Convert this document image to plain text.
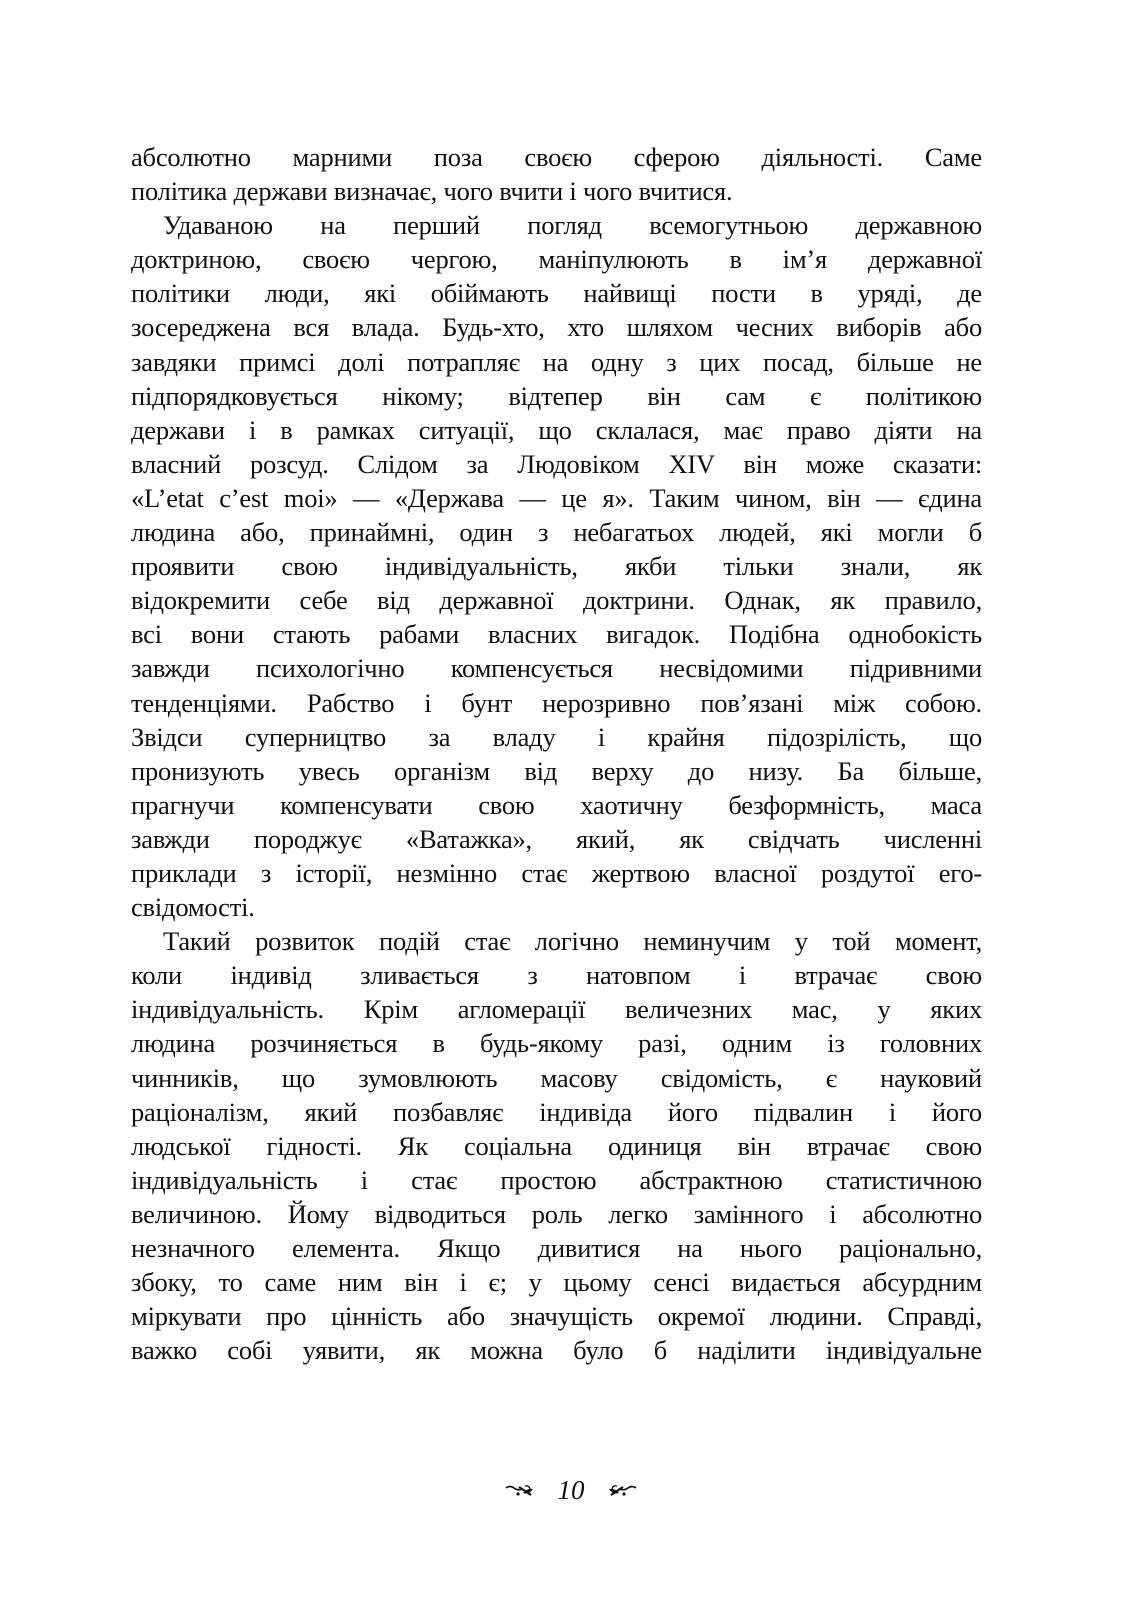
абсолютно марними поза своєю сферою діяльності. Саме
політика держави визначає, чого вчити і чого вчитися.
Удаваною на перший погляд всемогутньою державною
доктриною, своєю чергою, маніпулюють в ім’я державної
політики люди, які обіймають найвищі пости в уряді, де
зосереджена вся влада. Будь-хто, хто шляхом чесних виборів або
завдяки примсі долі потрапляє на одну з цих посад, більше не
підпорядковується нікому; відтепер він сам є політикою
держави і в рамках ситуації, що склалася, має право діяти на
власний розсуд. Слідом за Людовіком XIV він може сказати:
«L’etat c’est moi» — «Держава — це я». Таким чином, він — єдина
людина або, принаймні, один з небагатьох людей, які могли б
проявити свою індивідуальність, якби тільки знали, як
відокремити себе від державної доктрини. Однак, як правило,
всі вони стають рабами власних вигадок. Подібна однобокість
завжди психологічно компенсується несвідомими підривними
тенденціями. Рабство і бунт нерозривно пов’язані між собою.
Звідси суперництво за владу і крайня підозрілість, що
пронизують увесь організм від верху до низу. Ба більше,
прагнучи компенсувати свою хаотичну безформність, маса
завжди породжує «Ватажка», який, як свідчать численні
приклади з історії, незмінно стає жертвою власної роздутої его-
свідомості.
Такий розвиток подій стає логічно неминучим у той момент,
коли індивід зливається з натовпом і втрачає свою
індивідуальність. Крім агломерації величезних мас, у яких
людина розчиняється в будь-якому разі, одним із головних
чинників, що зумовлюють масову свідомість, є науковий
раціоналізм, який позбавляє індивіда його підвалин і його
людської гідності. Як соціальна одиниця він втрачає свою
індивідуальність і стає простою абстрактною статистичною
величиною. Йому відводиться роль легко замінного і абсолютно
незначного елемента. Якщо дивитися на нього раціонально,
збоку, то саме ним він і є; у цьому сенсі видається абсурдним
міркувати про цінність або значущість окремої людини. Справді,
важко собі уявити, як можна було б наділити індивідуальне
10
